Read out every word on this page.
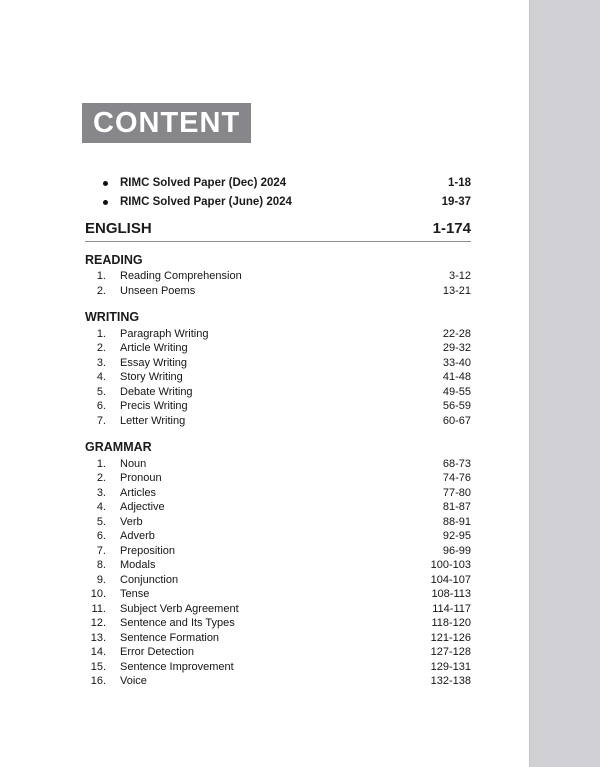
CONTENT
RIMC Solved Paper (Dec) 2024	1-18
RIMC Solved Paper (June) 2024	19-37
ENGLISH	1-174
READING
1. Reading Comprehension	3-12
2. Unseen Poems	13-21
WRITING
1. Paragraph Writing	22-28
2. Article Writing	29-32
3. Essay Writing	33-40
4. Story Writing	41-48
5. Debate Writing	49-55
6. Precis Writing	56-59
7. Letter Writing	60-67
GRAMMAR
1. Noun	68-73
2. Pronoun	74-76
3. Articles	77-80
4. Adjective	81-87
5. Verb	88-91
6. Adverb	92-95
7. Preposition	96-99
8. Modals	100-103
9. Conjunction	104-107
10. Tense	108-113
11. Subject Verb Agreement	114-117
12. Sentence and Its Types	118-120
13. Sentence Formation	121-126
14. Error Detection	127-128
15. Sentence Improvement	129-131
16. Voice	132-138
